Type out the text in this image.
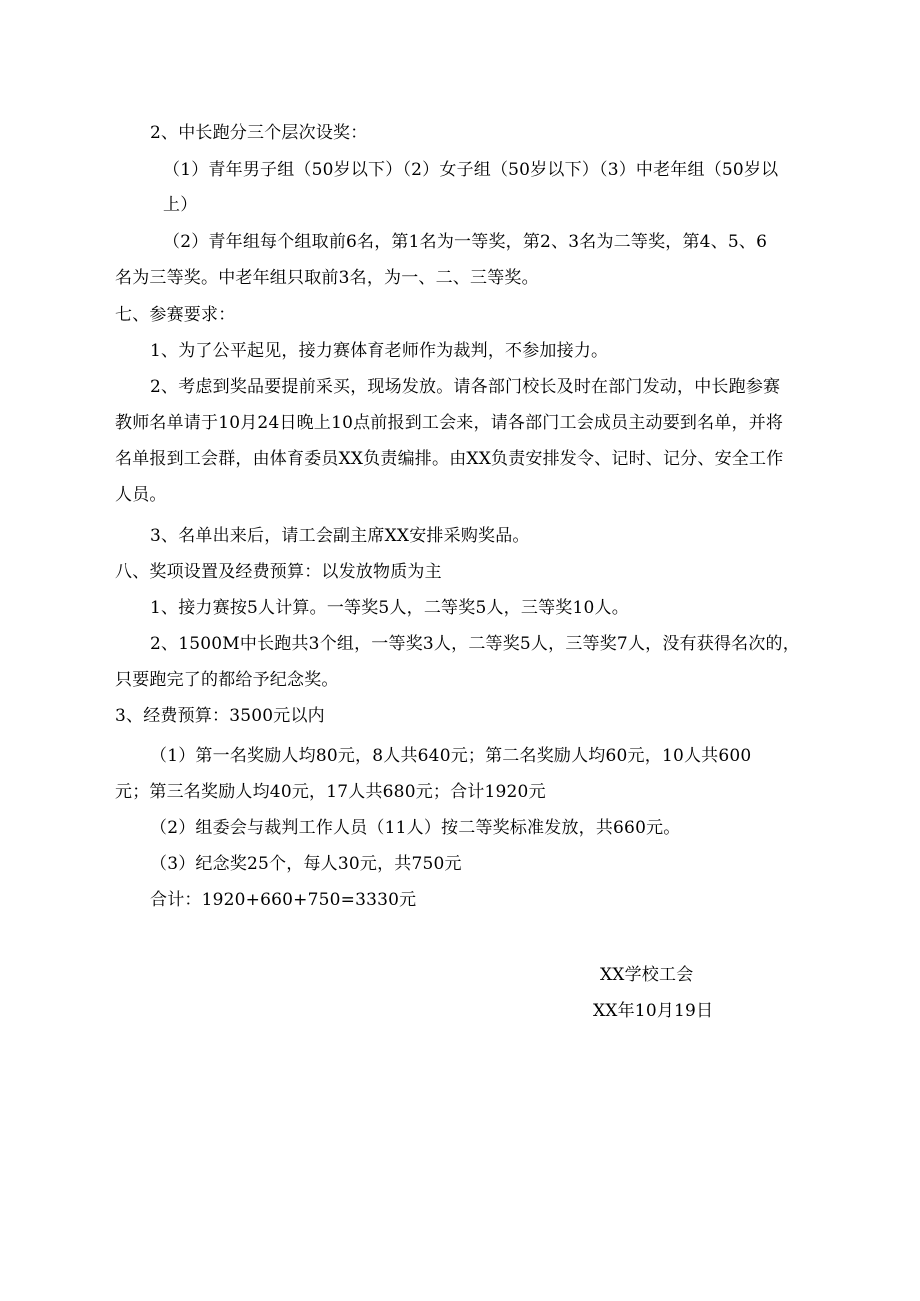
2、中长跑分三个层次设奖：
（1）青年男子组（50岁以下）（2）女子组（50岁以下）（3）中老年组（50岁以
上）
（2）青年组每个组取前6名，第1名为一等奖，第2、3名为二等奖，第4、5、6
名为三等奖。中老年组只取前3名，为一、二、三等奖。
七、参赛要求：
1、为了公平起见，接力赛体育老师作为裁判，不参加接力。
2、考虑到奖品要提前采买，现场发放。请各部门校长及时在部门发动，中长跑参赛
教师名单请于10月24日晚上10点前报到工会来，请各部门工会成员主动要到名单，并将
名单报到工会群，由体育委员XX负责编排。由XX负责安排发令、记时、记分、安全工作
人员。
3、名单出来后，请工会副主席XX安排采购奖品。
八、奖项设置及经费预算：以发放物质为主
1、接力赛按5人计算。一等奖5人，二等奖5人，三等奖10人。
2、1500M中长跑共3个组，一等奖3人，二等奖5人，三等奖7人，没有获得名次的，
只要跑完了的都给予纪念奖。
3、经费预算：3500元以内
（1）第一名奖励人均80元，8人共640元；第二名奖励人均60元，10人共600
元；第三名奖励人均40元，17人共680元；合计1920元
（2）组委会与裁判工作人员（11人）按二等奖标准发放，共660元。
（3）纪念奖25个，每人30元，共750元
合计：1920+660+750=3330元
XX学校工会
XX年10月19日
